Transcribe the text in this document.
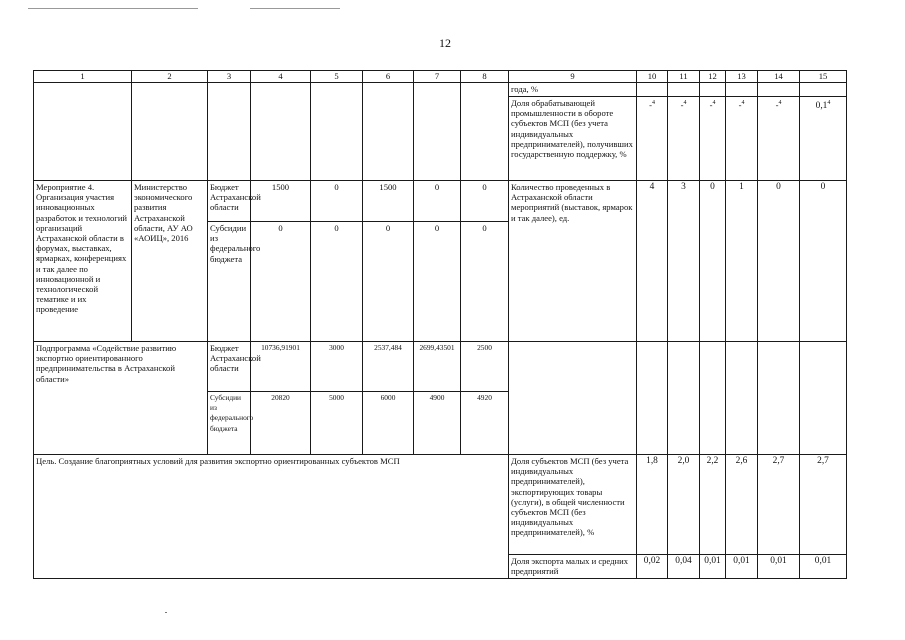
12
1	2	3	4	5	6	7	8	9	10	11	12	13	14	15
								года, %						
								Доля обрабатывающей промышленности в обороте субъектов МСП (без учета индивидуальных предпринимателей), получивших государственную поддержку, %	-$^4$	-$^4$	-$^4$	-$^4$	-$^4$	$0,1^4$
Мероприятие 4. Организация участия инновационных разработок и технологий организаций Астраханской области в форумах, выставках, ярмарках, конференциях и так далее по инновационной и технологической тематике и их проведение	Министерство экономического развития Астраханской области, АУ АО «АОИЦ», 2016	Бюджет Астраханской области	1500	0	1500	0	0	Количество проведенных в Астраханской области мероприятий (выставок, ярмарок и так далее), ед.	4	3	0	1	0	0
		Субсидии из федерального бюджета	0	0	0	0	0							
Подпрограмма «Содействие развитию экспортно ориентированного предпринимательства в Астраханской области»		Бюджет Астраханской области	10736,91901	3000	2537,484	2699,43501	2500							
		Субсидии из федерального бюджета	20820	5000	6000	4900	4920							
Цель. Создание благоприятных условий для развития экспортно ориентированных субъектов МСП								Доля субъектов МСП (без учета индивидуальных предпринимателей), экспортирующих товары (услуги), в общей численности субъектов МСП (без индивидуальных предпринимателей), %	1,8	2,0	2,2	2,6	2,7	2,7
								Доля экспорта малых и средних предприятий	0,02	0,04	0,01	0,01	0,01	0,01
